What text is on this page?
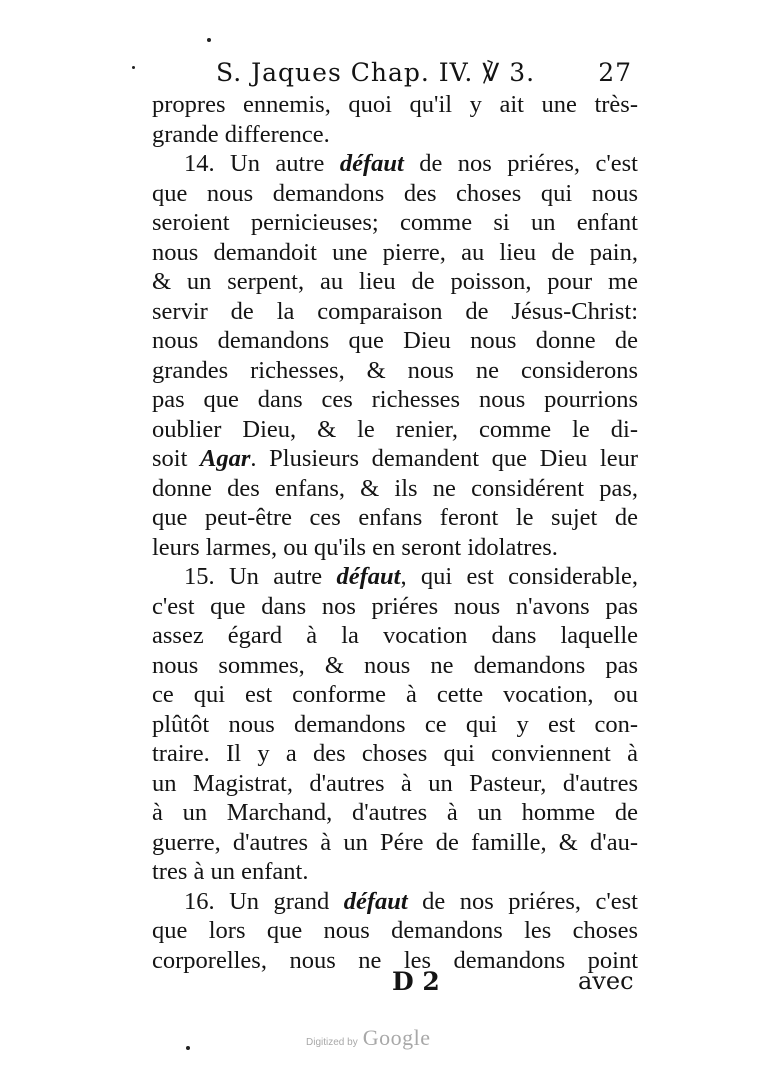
S. Jaques Chap. IV. ℣ 3.	27
propres ennemis, quoi qu'il y ait une très-
grande difference.
14. Un autre défaut de nos priéres, c'est
que nous demandons des choses qui nous
seroient pernicieuses; comme si un enfant
nous demandoit une pierre, au lieu de pain,
& un serpent, au lieu de poisson, pour me
servir de la comparaison de Jésus-Christ:
nous demandons que Dieu nous donne de
grandes richesses, & nous ne considerons
pas que dans ces richesses nous pourrions
oublier Dieu, & le renier, comme le di-
soit Agar. Plusieurs demandent que Dieu leur
donne des enfans, & ils ne considérent pas,
que peut-être ces enfans feront le sujet de
leurs larmes, ou qu'ils en seront idolatres.
15. Un autre défaut, qui est considerable,
c'est que dans nos priéres nous n'avons pas
assez égard à la vocation dans laquelle
nous sommes, & nous ne demandons pas
ce qui est conforme à cette vocation, ou
plûtôt nous demandons ce qui y est con-
traire. Il y a des choses qui conviennent à
un Magistrat, d'autres à un Pasteur, d'autres
à un Marchand, d'autres à un homme de
guerre, d'autres à un Pére de famille, & d'au-
tres à un enfant.
16. Un grand défaut de nos priéres, c'est
que lors que nous demandons les choses
corporelles, nous ne les demandons point
D 2	avec
Digitized by Google
